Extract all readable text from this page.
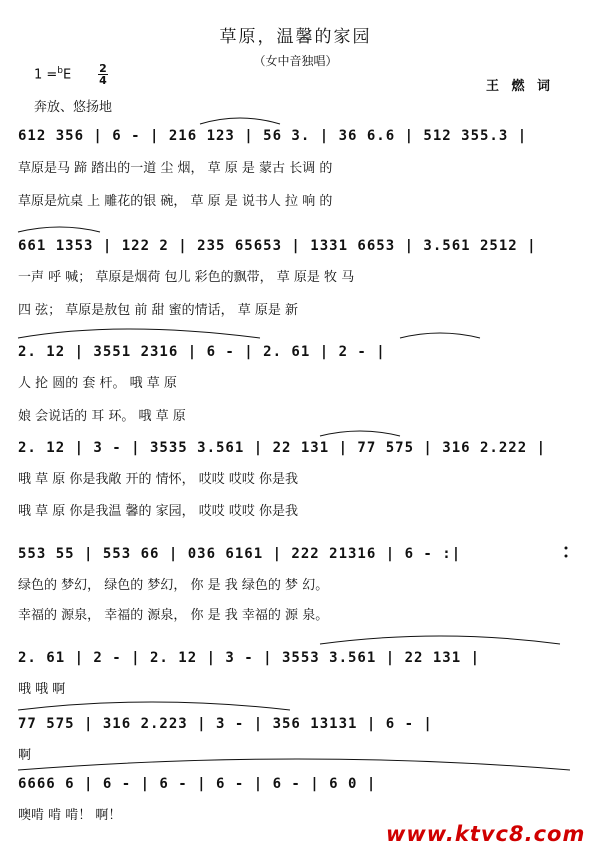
草原，温馨的家园
（女中音独唱）
1 =$^b$E	2
4	王 燃 词
奔放、悠扬地
612 356 | 6 - | 216 123 | 56 3. | 36 6.6 | 512 355.3 |
草原是马 蹄 踏出的一道 尘 烟， 草 原 是 蒙古 长调 的
草原是炕桌 上 雕花的银 碗， 草 原 是 说书人 拉 响 的
661 1353 | 122 2 | 235 65653 | 1331 6653 | 3.561 2512 |
一声 呼 喊； 草原是烟荷 包儿 彩色的飘带， 草 原是 牧 马
四 弦； 草原是敖包 前 甜 蜜的情话， 草 原是 新
2. 12 | 3551 2316 | 6 - | 2. 61 | 2 - |
人 抡 圆的 套 杆。 哦 草 原
娘 会说话的 耳 环。 哦 草 原
2. 12 | 3 - | 3535 3.561 | 22 131 | 77 575 | 316 2.222 |
哦 草 原 你是我敞 开的 情怀， 哎哎 哎哎 你是我
哦 草 原 你是我温 馨的 家园， 哎哎 哎哎 你是我
553 55 | 553 66 | 036 6161 | 222 21316 | 6 - :|
绿色的 梦幻， 绿色的 梦幻， 你 是 我 绿色的 梦 幻。
幸福的 源泉， 幸福的 源泉， 你 是 我 幸福的 源 泉。
2. 61 | 2 - | 2. 12 | 3 - | 3553 3.561 | 22 131 |
哦 哦 啊
77 575 | 316 2.223 | 3 - | 356 13131 | 6 - |
啊
6666 6 | 6 - | 6 - | 6 - | 6 - | 6 0 |
噢啃 啃 啃！ 啊！
www.ktvc8.com
